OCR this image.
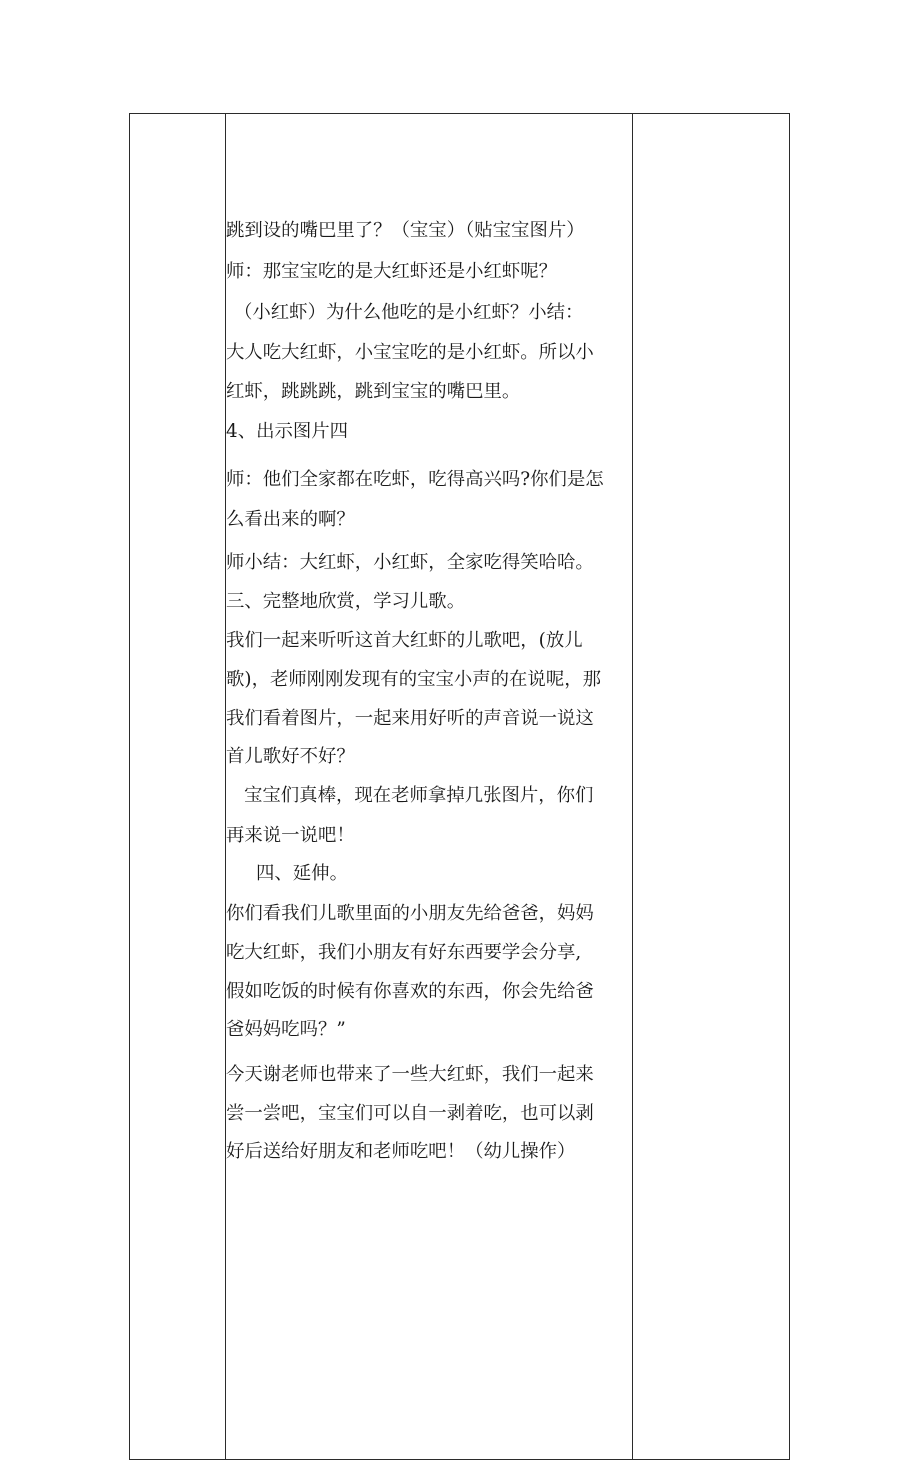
跳到设的嘴巴里了？（宝宝）（贴宝宝图片）
师：那宝宝吃的是大红虾还是小红虾呢？
（小红虾）为什么他吃的是小红虾？小结：
大人吃大红虾，小宝宝吃的是小红虾。所以小
红虾，跳跳跳，跳到宝宝的嘴巴里。
4、出示图片四
师：他们全家都在吃虾，吃得高兴吗?你们是怎
么看出来的啊？
师小结：大红虾，小红虾，全家吃得笑哈哈。
三、完整地欣赏，学习儿歌。
我们一起来听听这首大红虾的儿歌吧，(放儿
歌)，老师刚刚发现有的宝宝小声的在说呢，那
我们看着图片，一起来用好听的声音说一说这
首儿歌好不好？
宝宝们真棒，现在老师拿掉几张图片，你们
再来说一说吧！
四、延伸。
你们看我们儿歌里面的小朋友先给爸爸，妈妈
吃大红虾，我们小朋友有好东西要学会分享,
假如吃饭的时候有你喜欢的东西，你会先给爸
爸妈妈吃吗？”
今天谢老师也带来了一些大红虾，我们一起来
尝一尝吧，宝宝们可以自一剥着吃，也可以剥
好后送给好朋友和老师吃吧！（幼儿操作）
